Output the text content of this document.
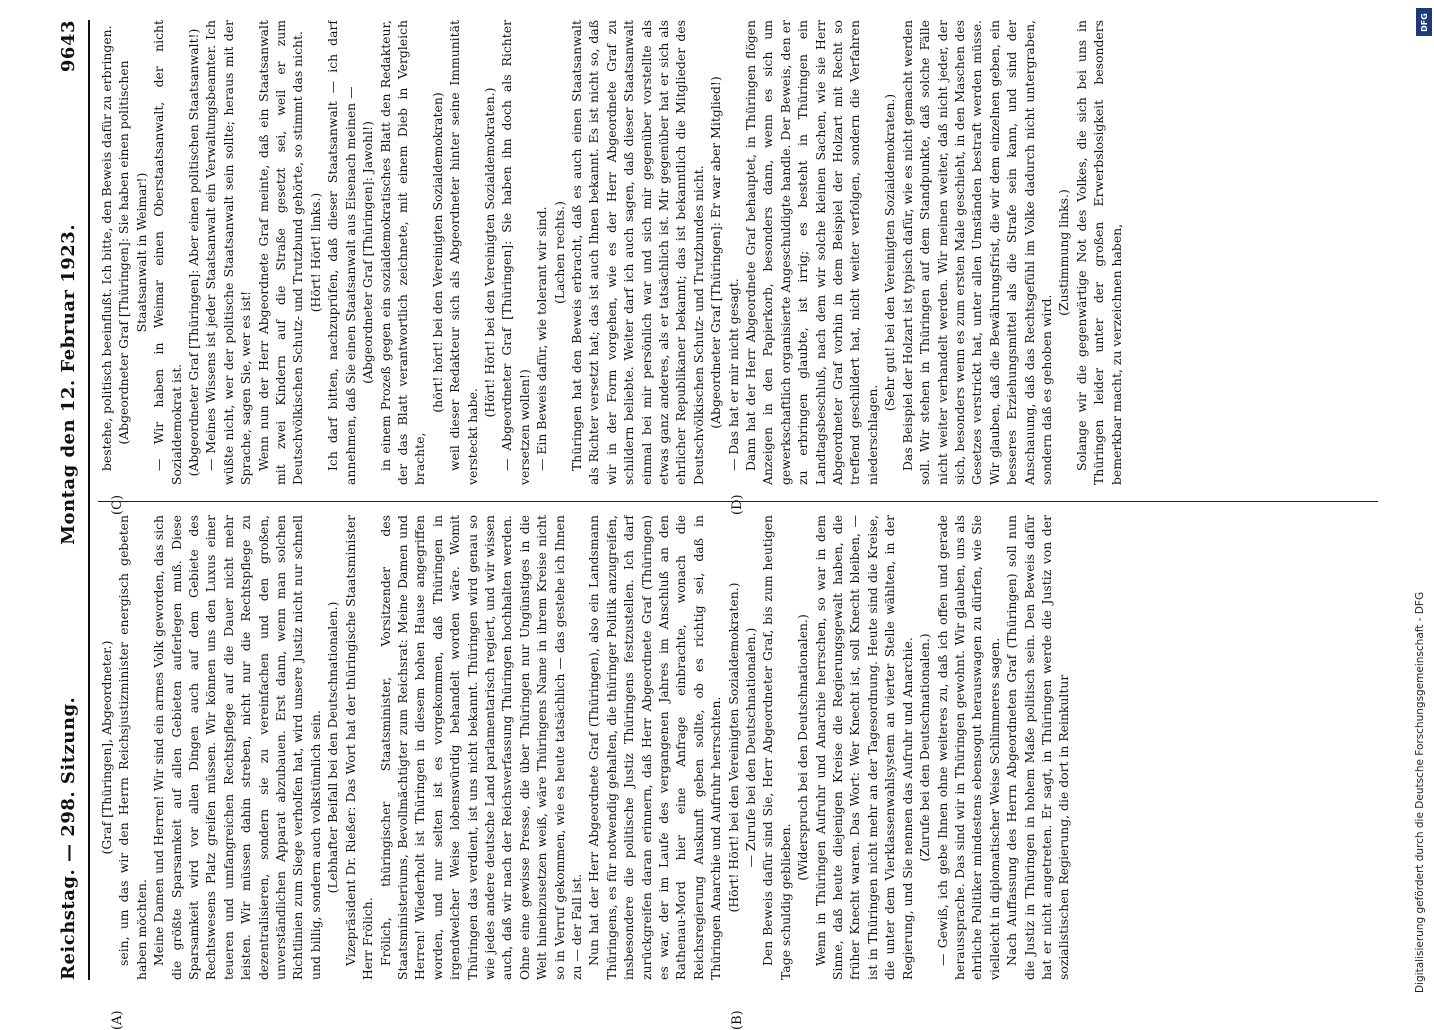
Reichstag. — 298. Sitzung.
Montag den 12. Februar 1923.
9643
(A)	(B)
(C)	(D)

(Graf [Thüringen], Abgeordneter.) sein, um das wir den Herrn Reichsjustizminister energisch gebeten haben möchten. Meine Damen und Herren! Wir sind ein armes Volk geworden, das sich die größte Sparsamkeit auf allen Gebieten auferlegen muß. Diese Sparsamkeit wird vor allen Dingen auch auf dem Gebiete des Rechtswesens Platz greifen müssen. Wir können uns den Luxus einer teueren und umfangreichen Rechtspflege auf die Dauer nicht mehr leisten. Wir müssen dahin streben, nicht nur die Rechtspflege zu dezentralisieren, sondern sie zu vereinfachen und den großen, unverständlichen Apparat abzubauen. Erst dann, wenn man solchen Richtlinien zum Siege verholfen hat, wird unsere Justiz nicht nur schnell und billig, sondern auch volkstümlich sein. (Lebhafter Beifall bei den Deutschnationalen.) Vizepräsident Dr. Rießer: Das Wort hat der thüringische Staatsminister Herr Frölich. Frölich, thüringischer Staatsminister, Vorsitzender des Staatsministeriums, Bevollmächtigter zum Reichsrat: Meine Damen und Herren! Wiederholt ist Thüringen in diesem hohen Hause angegriffen worden, und nur selten ist es vorgekommen, daß Thüringen in irgendwelcher Weise lobenswürdig behandelt worden wäre. Womit Thüringen das verdient, ist uns nicht bekannt. Thüringen wird genau so wie jedes andere deutsche Land parlamentarisch regiert, und wir wissen auch, daß wir nach der Reichsverfassung Thüringen hochhalten werden. Ohne eine gewisse Presse, die über Thüringen nur Ungünstiges in die Welt hineinzusetzen weiß, wäre Thüringens Name in ihrem Kreise nicht so in Verruf gekommen, wie es heute tatsächlich — das gestehe ich Ihnen zu — der Fall ist. Nun hat der Herr Abgeordnete Graf (Thüringen), also ein Landsmann Thüringens, es für notwendig gehalten, die thüringer Politik anzugreifen, insbesondere die politische Justiz Thüringens festzustellen. Ich darf zurückgreifen daran erinnern, daß Herr Abgeordnete Graf (Thüringen) es war, der im Laufe des vergangenen Jahres im Anschluß an den Rathenau-Mord hier eine Anfrage einbrachte, wonach die Reichsregierung Auskunft geben sollte, ob es richtig sei, daß in Thüringen Anarchie und Aufruhr herrschten. (Hört! Hört! bei den Vereinigten Sozialdemokraten.) — Zurufe bei den Deutschnationalen.) Den Beweis dafür sind Sie, Herr Abgeordneter Graf, bis zum heutigen Tage schuldig geblieben.

(Widerspruch bei den Deutschnationalen.) Wenn in Thüringen Aufruhr und Anarchie herrschen, so war in dem Sinne, daß heute diejenigen Kreise die Regierungsgewalt haben, die früher Knecht waren. Das Wort: Wer Knecht ist, soll Knecht bleiben, — ist in Thüringen nicht mehr an der Tagesordnung. Heute sind die Kreise, die unter dem Vierklassenwahlsystem an vierter Stelle wählten, in der Regierung, und Sie nennen das Aufruhr und Anarchie. (Zurufe bei den Deutschnationalen.) — Gewiß, ich gebe Ihnen ohne weiteres zu, daß ich offen und gerade heraussprache. Das sind wir in Thüringen gewohnt. Wir glauben, uns als ehrliche Politiker mindestens ebensogut herauswagen zu dürfen, wie Sie vielleicht in diplomatischer Weise Schlimmeres sagen. Nach Auffassung des Herrn Abgeordneten Graf (Thüringen) soll nun die Justiz in Thüringen in hohem Maße politisch sein. Den Beweis dafür hat er nicht angetreten. Er sagt, in Thüringen werde die Justiz von der sozialistischen Regierung, die dort in Reinkultur

bestehe, politisch beeinflußt. Ich bitte, den Beweis dafür zu erbringen. (Abgeordneter Graf [Thüringen]: Sie haben einen politischen Staatsanwalt in Weimar!) — Wir haben in Weimar einen Oberstaatsanwalt, der nicht Sozialdemokrat ist. (Abgeordneter Graf [Thüringen]: Aber einen politischen Staatsanwalt!) — Meines Wissens ist jeder Staatsanwalt ein Verwaltungsbeamter. Ich wüßte nicht, wer der politische Staatsanwalt sein sollte; heraus mit der Sprache, sagen Sie, wer es ist! Wenn nun der Herr Abgeordnete Graf meinte, daß ein Staatsanwalt mit zwei Kindern auf die Straße gesetzt sei, weil er zum Deutschvölkischen Schutz- und Trutzbund gehörte, so stimmt das nicht. (Hört! Hört! links.) Ich darf bitten, nachzuprüfen, daß dieser Staatsanwalt — ich darf annehmen, daß Sie einen Staatsanwalt aus Eisenach meinen — (Abgeordneter Graf [Thüringen]: Jawohl!) in einem Prozeß gegen ein sozialdemokratisches Blatt den Redakteur, der das Blatt verantwortlich zeichnete, mit einem Dieb in Vergleich brachte,

(hört! hört! bei den Vereinigten Sozialdemokraten) weil dieser Redakteur sich als Abgeordneter hinter seine Immunität versteckt habe.

(Hört! Hört! bei den Vereinigten Sozialdemokraten.) — Abgeordneter Graf [Thüringen]: Sie haben ihn doch als Richter versetzen wollen!) — Ein Beweis dafür, wie tolerant wir sind. (Lachen rechts.) Thüringen hat den Beweis erbracht, daß es auch einen Staatsanwalt als Richter versetzt hat; das ist auch Ihnen bekannt. Es ist nicht so, daß wir in der Form vorgehen, wie es der Herr Abgeordnete Graf zu schildern beliebte. Weiter darf ich auch sagen, daß dieser Staatsanwalt einmal bei mir persönlich war und sich mir gegenüber vorstellte als etwas ganz anderes, als er tatsächlich ist. Mir gegenüber hat er sich als ehrlicher Republikaner bekannt; das ist bekanntlich die Mitglieder des Deutschvölkischen Schutz- und Trutzbundes nicht. (Abgeordneter Graf [Thüringen]: Er war aber Mitglied!) — Das hat er mir nicht gesagt. Dann hat der Herr Abgeordnete Graf behauptet, in Thüringen flögen Anzeigen in den Papierkorb, besonders dann, wenn es sich um gewerkschaftlich organisierte Angeschuldigte handle. Der Beweis, den er zu erbringen glaubte, ist irrig; es besteht in Thüringen ein Landtagsbeschluß, nach dem wir solche kleinen Sachen, wie sie Herr Abgeordneter Graf vorhin in dem Beispiel der Holzart mit Recht so treffend geschildert hat, nicht weiter verfolgen, sondern die Verfahren niederschlagen.

(Sehr gut! bei den Vereinigten Sozialdemokraten.) Das Beispiel der Holzart ist typisch dafür, wie es nicht gemacht werden soll. Wir stehen in Thüringen auf dem Standpunkte, daß solche Fälle nicht weiter verhandelt werden. Wir meinen weiter, daß nicht jeder, der sich, besonders wenn es zum ersten Male geschieht, in den Maschen des Gesetzes verstrickt hat, unter allen Umständen bestraft werden müsse. Wir glauben, daß die Bewährungsfrist, die wir dem einzelnen geben, ein besseres Erziehungsmittel als die Strafe sein kann, und sind der Anschauung, daß das Rechtsgefühl im Volke dadurch nicht untergraben, sondern daß es gehoben wird.

(Zustimmung links.) Solange wir die gegenwärtige Not des Volkes, die sich bei uns in Thüringen leider unter der großen Erwerbslosigkeit besonders bemerkbar macht, zu verzeichnen haben,

Digitalisierung gefördert durch die Deutsche Forschungsgemeinschaft - DFG
DFG
